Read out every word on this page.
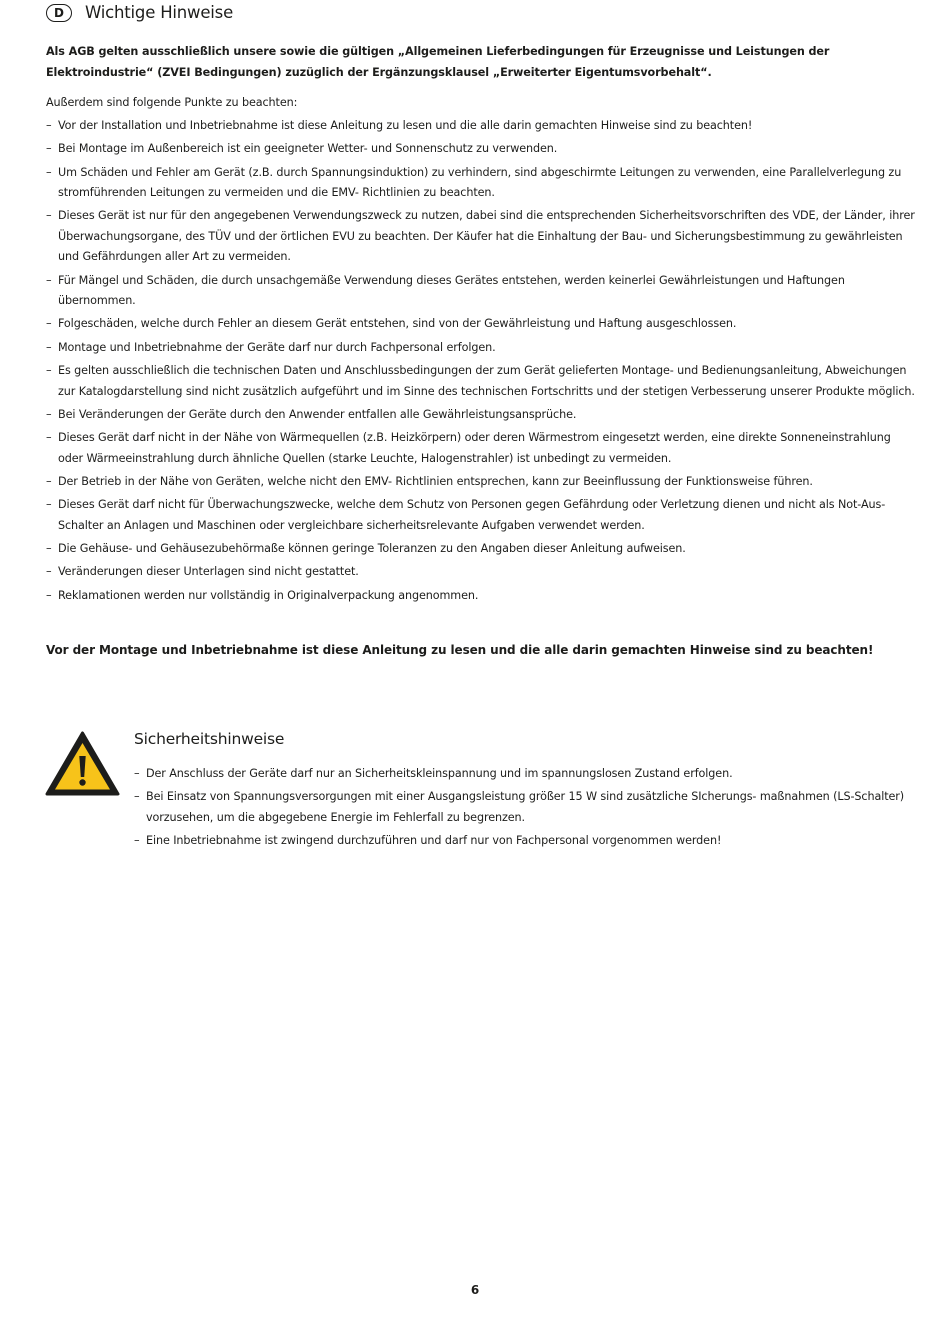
D	Wichtige Hinweise
Als AGB gelten ausschließlich unsere sowie die gültigen „Allgemeinen Lieferbedingungen für Erzeugnisse und Leistungen der Elektroindustrie“ (ZVEI Bedingungen) zuzüglich der Ergänzungsklausel „Erweiterter Eigentumsvorbehalt“.
Außerdem sind folgende Punkte zu beachten:
– Vor der Installation und Inbetriebnahme ist diese Anleitung zu lesen und die alle darin gemachten Hinweise sind zu beachten!
– Bei Montage im Außenbereich ist ein geeigneter Wetter- und Sonnenschutz zu verwenden.
– Um Schäden und Fehler am Gerät (z.B. durch Spannungsinduktion) zu verhindern, sind abgeschirmte Leitungen zu verwenden, eine Parallelverlegung zu stromführenden Leitungen zu vermeiden und die EMV- Richtlinien zu beachten.
– Dieses Gerät ist nur für den angegebenen Verwendungszweck zu nutzen, dabei sind die entsprechenden Sicherheitsvorschriften des VDE, der Länder, ihrer Überwachungsorgane, des TÜV und der örtlichen EVU zu beachten. Der Käufer hat die Einhaltung der Bau- und Sicherungsbestimmung zu gewährleisten und Gefährdungen aller Art zu vermeiden.
– Für Mängel und Schäden, die durch unsachgemäße Verwendung dieses Gerätes entstehen, werden keinerlei Gewährleistungen und Haftungen übernommen.
– Folgeschäden, welche durch Fehler an diesem Gerät entstehen, sind von der Gewährleistung und Haftung ausgeschlossen.
– Montage und Inbetriebnahme der Geräte darf nur durch Fachpersonal erfolgen.
– Es gelten ausschließlich die technischen Daten und Anschlussbedingungen der zum Gerät gelieferten Montage- und Bedienungsanleitung, Abweichungen zur Katalogdarstellung sind nicht zusätzlich aufgeführt und im Sinne des technischen Fortschritts und der stetigen Verbesserung unserer Produkte möglich.
– Bei Veränderungen der Geräte durch den Anwender entfallen alle Gewährleistungsansprüche.
– Dieses Gerät darf nicht in der Nähe von Wärmequellen (z.B. Heizkörpern) oder deren Wärmestrom eingesetzt werden, eine direkte Sonneneinstrahlung oder Wärmeeinstrahlung durch ähnliche Quellen (starke Leuchte, Halogenstrahler) ist unbedingt zu vermeiden.
– Der Betrieb in der Nähe von Geräten, welche nicht den EMV- Richtlinien entsprechen, kann zur Beeinflussung der Funktionsweise führen.
– Dieses Gerät darf nicht für Überwachungszwecke, welche dem Schutz von Personen gegen Gefährdung oder Verletzung dienen und nicht als Not-Aus-Schalter an Anlagen und Maschinen oder vergleichbare sicherheitsrelevante Aufgaben verwendet werden.
– Die Gehäuse- und Gehäusezubehörmaße können geringe Toleranzen zu den Angaben dieser Anleitung aufweisen.
– Veränderungen dieser Unterlagen sind nicht gestattet.
– Reklamationen werden nur vollständig in Originalverpackung angenommen.
Vor der Montage und Inbetriebnahme ist diese Anleitung zu lesen und die alle darin gemachten Hinweise sind zu beachten!
Sicherheitshinweise
– Der Anschluss der Geräte darf nur an Sicherheitskleinspannung und im spannungslosen Zustand erfolgen.
– Bei Einsatz von Spannungsversorgungen mit einer Ausgangsleistung größer 15 W sind zusätzliche SIcherungs- maßnahmen (LS-Schalter) vorzusehen, um die abgegebene Energie im Fehlerfall zu begrenzen.
– Eine Inbetriebnahme ist zwingend durchzuführen und darf nur von Fachpersonal vorgenommen werden!
6
